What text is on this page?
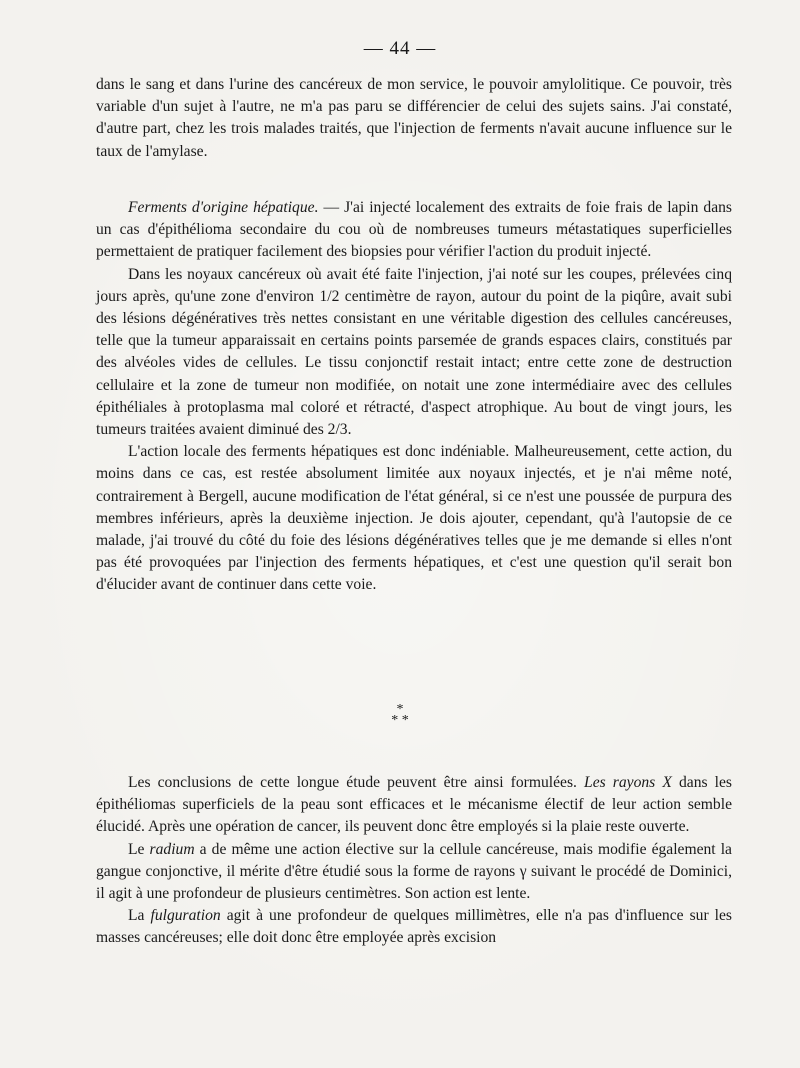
— 44 —

dans le sang et dans l'urine des cancéreux de mon service, le pouvoir amylolitique. Ce pouvoir, très variable d'un sujet à l'autre, ne m'a pas paru se différencier de celui des sujets sains. J'ai constaté, d'autre part, chez les trois malades traités, que l'injection de ferments n'avait aucune influence sur le taux de l'amylase.

Ferments d'origine hépatique. — J'ai injecté localement des extraits de foie frais de lapin dans un cas d'épithélioma secondaire du cou où de nombreuses tumeurs métastatiques superficielles permettaient de pratiquer facilement des biopsies pour vérifier l'action du produit injecté.

Dans les noyaux cancéreux où avait été faite l'injection, j'ai noté sur les coupes, prélevées cinq jours après, qu'une zone d'environ 1/2 centimètre de rayon, autour du point de la piqûre, avait subi des lésions dégénératives très nettes consistant en une véritable digestion des cellules cancéreuses, telle que la tumeur apparaissait en certains points parsemée de grands espaces clairs, constitués par des alvéoles vides de cellules. Le tissu conjonctif restait intact; entre cette zone de destruction cellulaire et la zone de tumeur non modifiée, on notait une zone intermédiaire avec des cellules épithéliales à protoplasma mal coloré et rétracté, d'aspect atrophique. Au bout de vingt jours, les tumeurs traitées avaient diminué des 2/3.

L'action locale des ferments hépatiques est donc indéniable. Malheureusement, cette action, du moins dans ce cas, est restée absolument limitée aux noyaux injectés, et je n'ai même noté, contrairement à Bergell, aucune modification de l'état général, si ce n'est une poussée de purpura des membres inférieurs, après la deuxième injection. Je dois ajouter, cependant, qu'à l'autopsie de ce malade, j'ai trouvé du côté du foie des lésions dégénératives telles que je me demande si elles n'ont pas été provoquées par l'injection des ferments hépatiques, et c'est une question qu'il serait bon d'élucider avant de continuer dans cette voie.

*
* *

Les conclusions de cette longue étude peuvent être ainsi formulées. Les rayons X dans les épithéliomas superficiels de la peau sont efficaces et le mécanisme électif de leur action semble élucidé. Après une opération de cancer, ils peuvent donc être employés si la plaie reste ouverte.

Le radium a de même une action élective sur la cellule cancéreuse, mais modifie également la gangue conjonctive, il mérite d'être étudié sous la forme de rayons γ suivant le procédé de Dominici, il agit à une profondeur de plusieurs centimètres. Son action est lente.

La fulguration agit à une profondeur de quelques millimètres, elle n'a pas d'influence sur les masses cancéreuses; elle doit donc être employée après excision
